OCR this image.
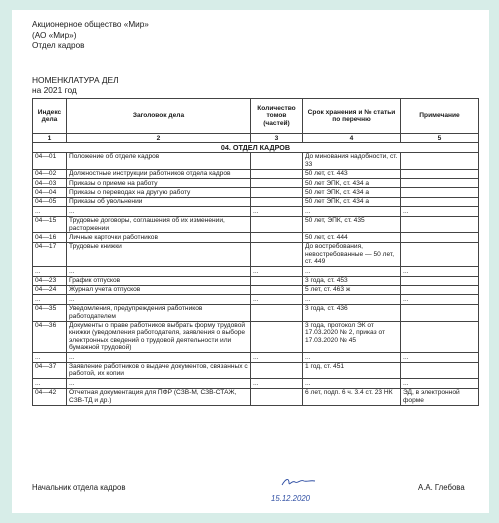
Акционерное общество «Мир»
(АО «Мир»)
Отдел кадров
НОМЕНКЛАТУРА ДЕЛ
на 2021 год
Индекс дела	Заголовок дела	Количество томов (частей)	Срок хранения и № статьи по перечню	Примечание
1	2	3	4	5
04. ОТДЕЛ КАДРОВ				
04—01	Положение об отделе кадров		До минования надобности, ст. 33	
04—02	Должностные инструкции работников отдела кадров		50 лет, ст. 443	
04—03	Приказы о приеме на работу		50 лет ЭПК, ст. 434 а	
04—04	Приказы о переводах на другую работу		50 лет ЭПК, ст. 434 а	
04—05	Приказы об увольнении		50 лет ЭПК, ст. 434 а	
...	...	...	...	...
04—15	Трудовые договоры, соглашения об их изменении, расторжении		50 лет, ЭПК, ст. 435	
04—16	Личные карточки работников		50 лет, ст. 444	
04—17	Трудовые книжки		До востребования, невостребованные — 50 лет, ст. 449	
...	...	...	...	...
04—23	График отпусков		3 года, ст. 453	
04—24	Журнал учета отпусков		5 лет, ст. 463 ж	
...	...	...	...	...
04—35	Уведомления, предупреждения работников работодателем		3 года, ст. 436	
04—36	Документы о праве работников выбрать форму трудовой книжки (уведомления работодателя, заявления о выборе электронных сведений о трудовой деятельности или бумажной трудовой)		3 года, протокол ЭК от 17.03.2020 № 2, приказ от 17.03.2020 № 45	
...	...	...	...	...
04—37	Заявление работников о выдаче документов, связанных с работой, их копии		1 год, ст. 451	
...	...	...	...	...
04—42	Отчетная документация для ПФР (СЗВ-М, СЗВ-СТАЖ, СЗВ-ТД и др.)		6 лет, подп. 6 ч. 3.4 ст. 23 НК	ЭД, в электронной форме
Начальник отдела кадров
15.12.2020
А.А. Глебова
